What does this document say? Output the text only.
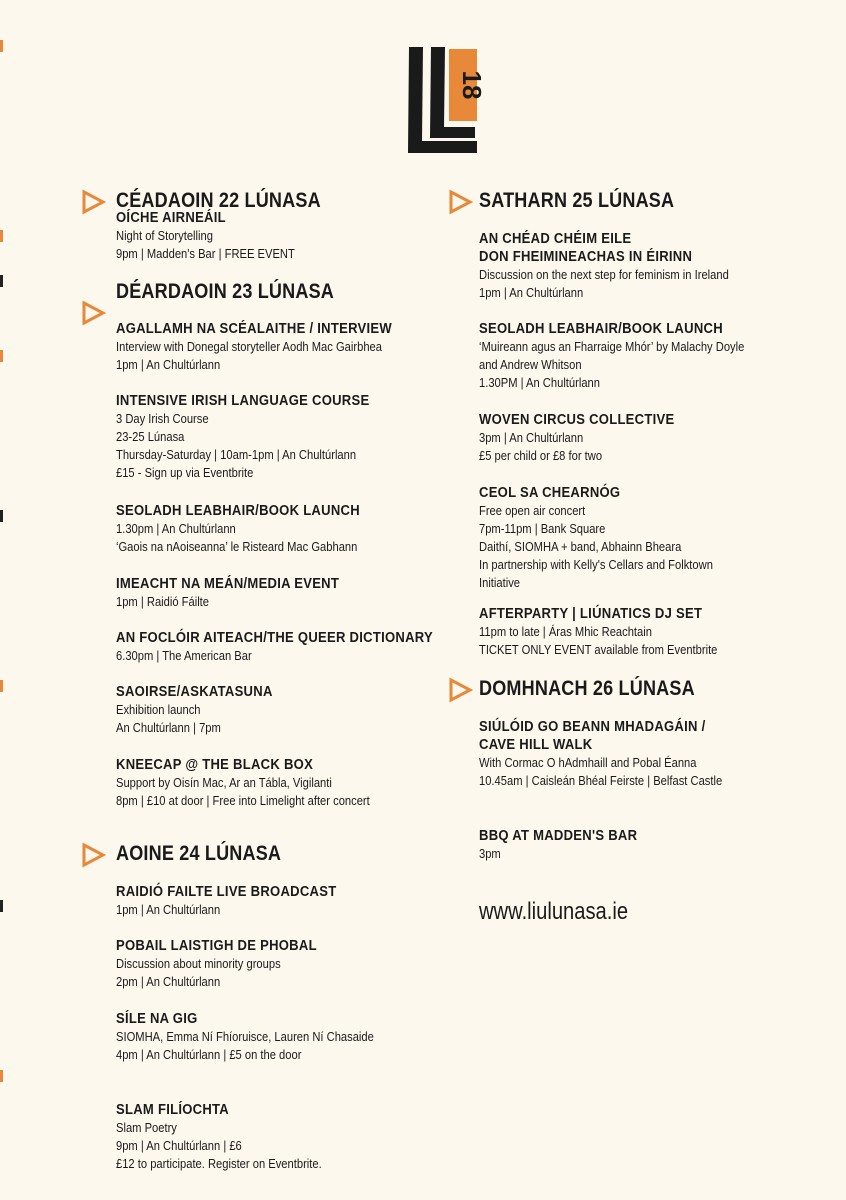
18
CÉADAOIN 22 LÚNASA
OÍCHE AIRNEÁIL
Night of Storytelling
9pm | Madden's Bar | FREE EVENT
DÉARDAOIN 23 LÚNASA
AGALLAMH NA SCÉALAITHE / INTERVIEW
Interview with Donegal storyteller Aodh Mac Gairbhea
1pm | An Chultúrlann
INTENSIVE IRISH LANGUAGE COURSE
3 Day Irish Course
23-25 Lúnasa
Thursday-Saturday | 10am-1pm | An Chultúrlann
£15 - Sign up via Eventbrite
SEOLADH LEABHAIR/BOOK LAUNCH
1.30pm | An Chultúrlann
‘Gaois na nAoiseanna’ le Risteard Mac Gabhann
IMEACHT NA MEÁN/MEDIA EVENT
1pm | Raidió Fáilte
AN FOCLÓIR AITEACH/THE QUEER DICTIONARY
6.30pm | The American Bar
SAOIRSE/ASKATASUNA
Exhibition launch
An Chultúrlann | 7pm
KNEECAP @ THE BLACK BOX
Support by Oisín Mac, Ar an Tábla, Vigilanti
8pm | £10 at door | Free into Limelight after concert
AOINE 24 LÚNASA
RAIDIÓ FAILTE LIVE BROADCAST
1pm | An Chultúrlann
POBAIL LAISTIGH DE PHOBAL
Discussion about minority groups
2pm | An Chultúrlann
SÍLE NA GIG
SIOMHA, Emma Ní Fhíoruisce, Lauren Ní Chasaide
4pm | An Chultúrlann | £5 on the door
SLAM FILÍOCHTA
Slam Poetry
9pm | An Chultúrlann | £6
£12 to participate. Register on Eventbrite.
SATHARN 25 LÚNASA
AN CHÉAD CHÉIM EILE
DON FHEIMINEACHAS IN ÉIRINN
Discussion on the next step for feminism in Ireland
1pm | An Chultúrlann
SEOLADH LEABHAIR/BOOK LAUNCH
‘Muireann agus an Fharraige Mhór’ by Malachy Doyle
and Andrew Whitson
1.30PM | An Chultúrlann
WOVEN CIRCUS COLLECTIVE
3pm | An Chultúrlann
£5 per child or £8 for two
CEOL SA CHEARNÓG
Free open air concert
7pm-11pm | Bank Square
Daithí, SIOMHA + band, Abhainn Bheara
In partnership with Kelly's Cellars and Folktown
Initiative
AFTERPARTY | LIÚNATICS DJ SET
11pm to late | Áras Mhic Reachtain
TICKET ONLY EVENT available from Eventbrite
DOMHNACH 26 LÚNASA
SIÚLÓID GO BEANN MHADAGÁIN /
CAVE HILL WALK
With Cormac O hAdmhaill and Pobal Éanna
10.45am | Caisleán Bhéal Feirste | Belfast Castle
BBQ AT MADDEN'S BAR
3pm
www.liulunasa.ie
